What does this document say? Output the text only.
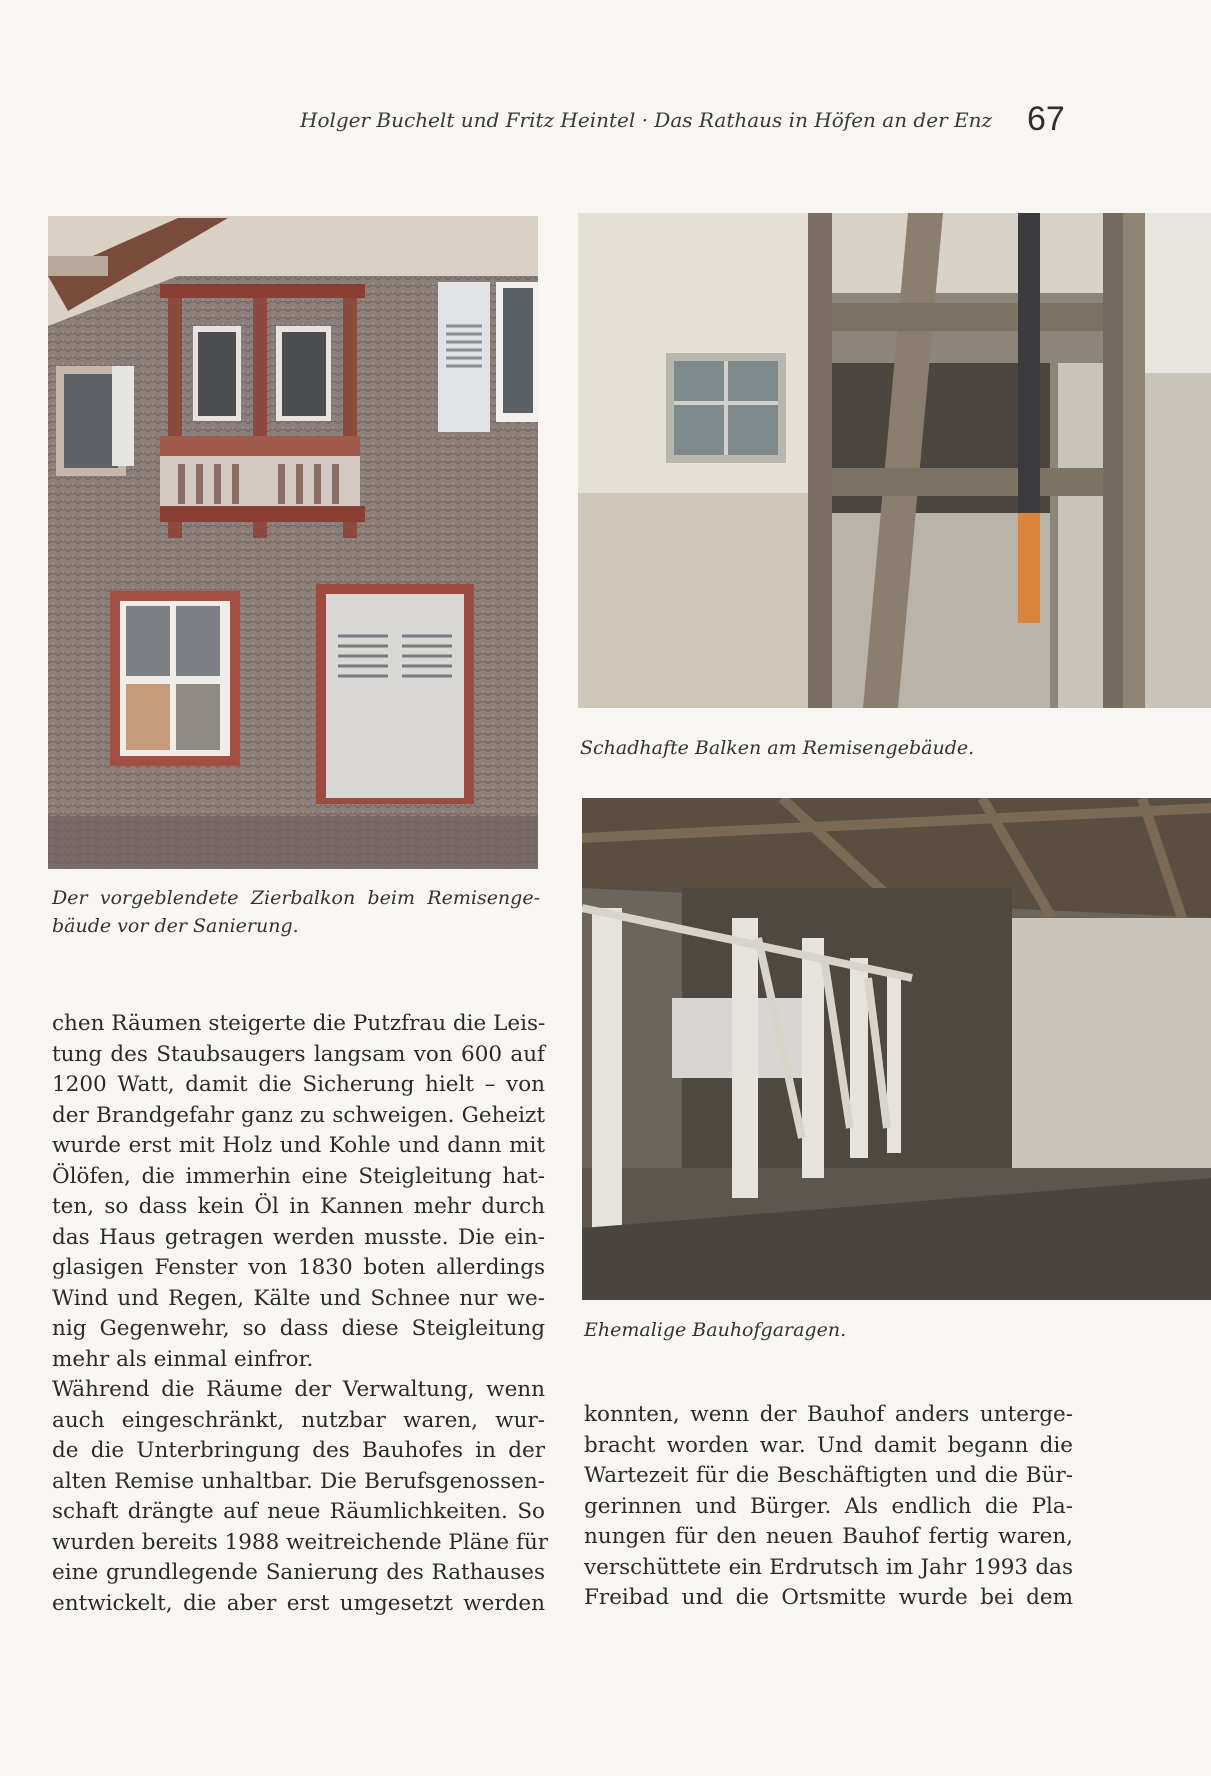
Holger Buchelt und Fritz Heintel · Das Rathaus in Höfen an der Enz 67
Schadhafte Balken am Remisengebäude.
Ehemalige Bauhofgaragen.
Der vorgeblendete Zierbalkon beim Remisenge-
bäude vor der Sanierung.
chen Räumen steigerte die Putzfrau die Leis-
tung des Staubsaugers langsam von 600 auf
1200 Watt, damit die Sicherung hielt – von
der Brandgefahr ganz zu schweigen. Geheizt
wurde erst mit Holz und Kohle und dann mit
Ölöfen, die immerhin eine Steigleitung hat-
ten, so dass kein Öl in Kannen mehr durch
das Haus getragen werden musste. Die ein-
glasigen Fenster von 1830 boten allerdings
Wind und Regen, Kälte und Schnee nur we-
nig Gegenwehr, so dass diese Steigleitung
mehr als einmal einfror.
Während die Räume der Verwaltung, wenn
auch eingeschränkt, nutzbar waren, wur-
de die Unterbringung des Bauhofes in der
alten Remise unhaltbar. Die Berufsgenossen-
schaft drängte auf neue Räumlichkeiten. So
wurden bereits 1988 weitreichende Pläne für
eine grundlegende Sanierung des Rathauses
entwickelt, die aber erst umgesetzt werden
konnten, wenn der Bauhof anders unterge-
bracht worden war. Und damit begann die
Wartezeit für die Beschäftigten und die Bür-
gerinnen und Bürger. Als endlich die Pla-
nungen für den neuen Bauhof fertig waren,
verschüttete ein Erdrutsch im Jahr 1993 das
Freibad und die Ortsmitte wurde bei dem
